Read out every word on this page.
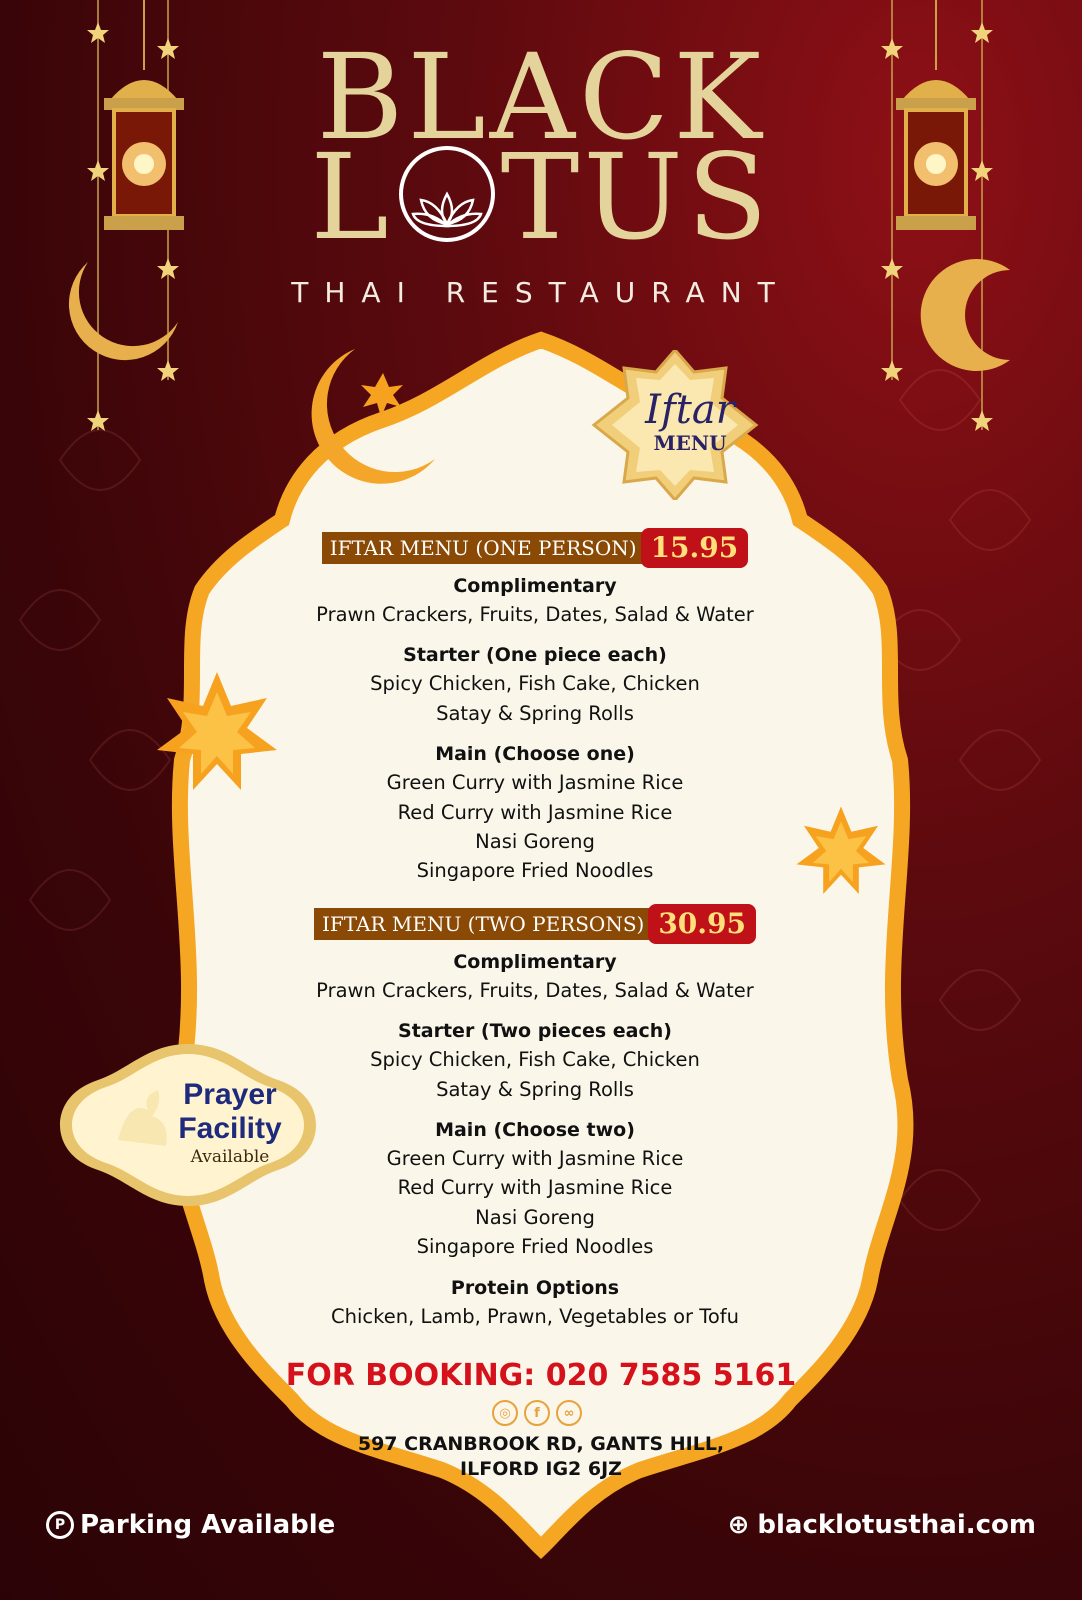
BLACK
L TUS
THAI RESTAURANT
Iftar
MENU
IFTAR MENU (ONE PERSON) 15.95

Complimentary

Prawn Crackers, Fruits, Dates, Salad & Water

Starter (One piece each)

Spicy Chicken, Fish Cake, Chicken

Satay & Spring Rolls

Main (Choose one)

Green Curry with Jasmine Rice

Red Curry with Jasmine Rice

Nasi Goreng

Singapore Fried Noodles

IFTAR MENU (TWO PERSONS) 30.95

Complimentary

Prawn Crackers, Fruits, Dates, Salad & Water

Starter (Two pieces each)

Spicy Chicken, Fish Cake, Chicken

Satay & Spring Rolls

Main (Choose two)

Green Curry with Jasmine Rice

Red Curry with Jasmine Rice

Nasi Goreng

Singapore Fried Noodles

Protein Options

Chicken, Lamb, Prawn, Vegetables or Tofu

Prayer
Facility
Available
FOR BOOKING: 020 7585 5161
◎	f	∞
597 CRANBROOK RD, GANTS HILL,
ILFORD IG2 6JZ
P Parking Available	⊕ blacklotusthai.com
